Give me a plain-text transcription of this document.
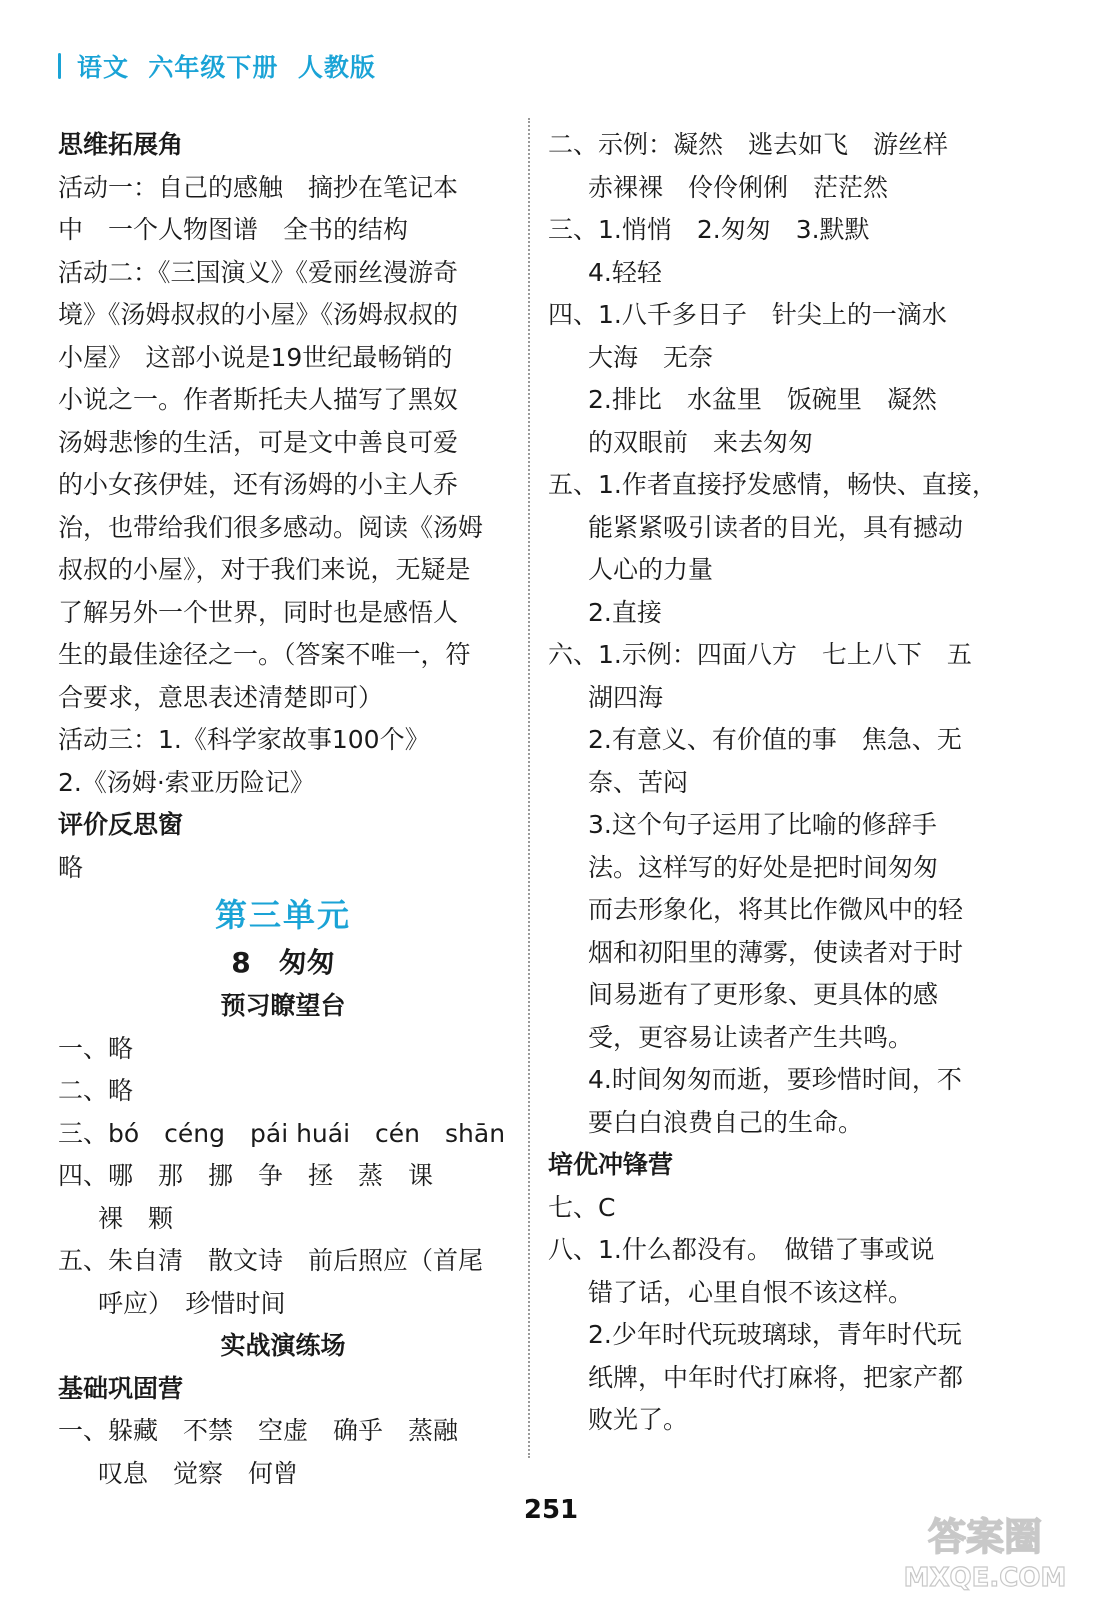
语文  六年级下册  人教版
思维拓展角
活动一：自己的感触　摘抄在笔记本
中　一个人物图谱　全书的结构
活动二：《三国演义》《爱丽丝漫游奇
境》《汤姆叔叔的小屋》《汤姆叔叔的
小屋》　这部小说是19世纪最畅销的
小说之一。作者斯托夫人描写了黑奴
汤姆悲惨的生活，可是文中善良可爱
的小女孩伊娃，还有汤姆的小主人乔
治，也带给我们很多感动。阅读《汤姆
叔叔的小屋》，对于我们来说，无疑是
了解另外一个世界，同时也是感悟人
生的最佳途径之一。（答案不唯一，符
合要求，意思表述清楚即可）
活动三：1.《科学家故事100个》
2.《汤姆·索亚历险记》
评价反思窗
略
第三单元
8　匆匆
预习瞭望台
一、略
二、略
三、bó　céng　pái huái　cén　shān
四、哪　那　挪　争　拯　蒸　课
裸　颗
五、朱自清　散文诗　前后照应（首尾
呼应）　珍惜时间
实战演练场
基础巩固营
一、躲藏　不禁　空虚　确乎　蒸融
叹息　觉察　何曾
二、示例：凝然　逃去如飞　游丝样
赤裸裸　伶伶俐俐　茫茫然
三、1.悄悄　2.匆匆　3.默默
4.轻轻
四、1.八千多日子　针尖上的一滴水
大海　无奈
2.排比　水盆里　饭碗里　凝然
的双眼前　来去匆匆
五、1.作者直接抒发感情，畅快、直接，
能紧紧吸引读者的目光，具有撼动
人心的力量
2.直接
六、1.示例：四面八方　七上八下　五
湖四海
2.有意义、有价值的事　焦急、无
奈、苦闷
3.这个句子运用了比喻的修辞手
法。这样写的好处是把时间匆匆
而去形象化，将其比作微风中的轻
烟和初阳里的薄雾，使读者对于时
间易逝有了更形象、更具体的感
受，更容易让读者产生共鸣。
4.时间匆匆而逝，要珍惜时间，不
要白白浪费自己的生命。
培优冲锋营
七、C
八、1.什么都没有。　做错了事或说
错了话，心里自恨不该这样。
2.少年时代玩玻璃球，青年时代玩
纸牌，中年时代打麻将，把家产都
败光了。
251
答案圈
MXQE.COM
